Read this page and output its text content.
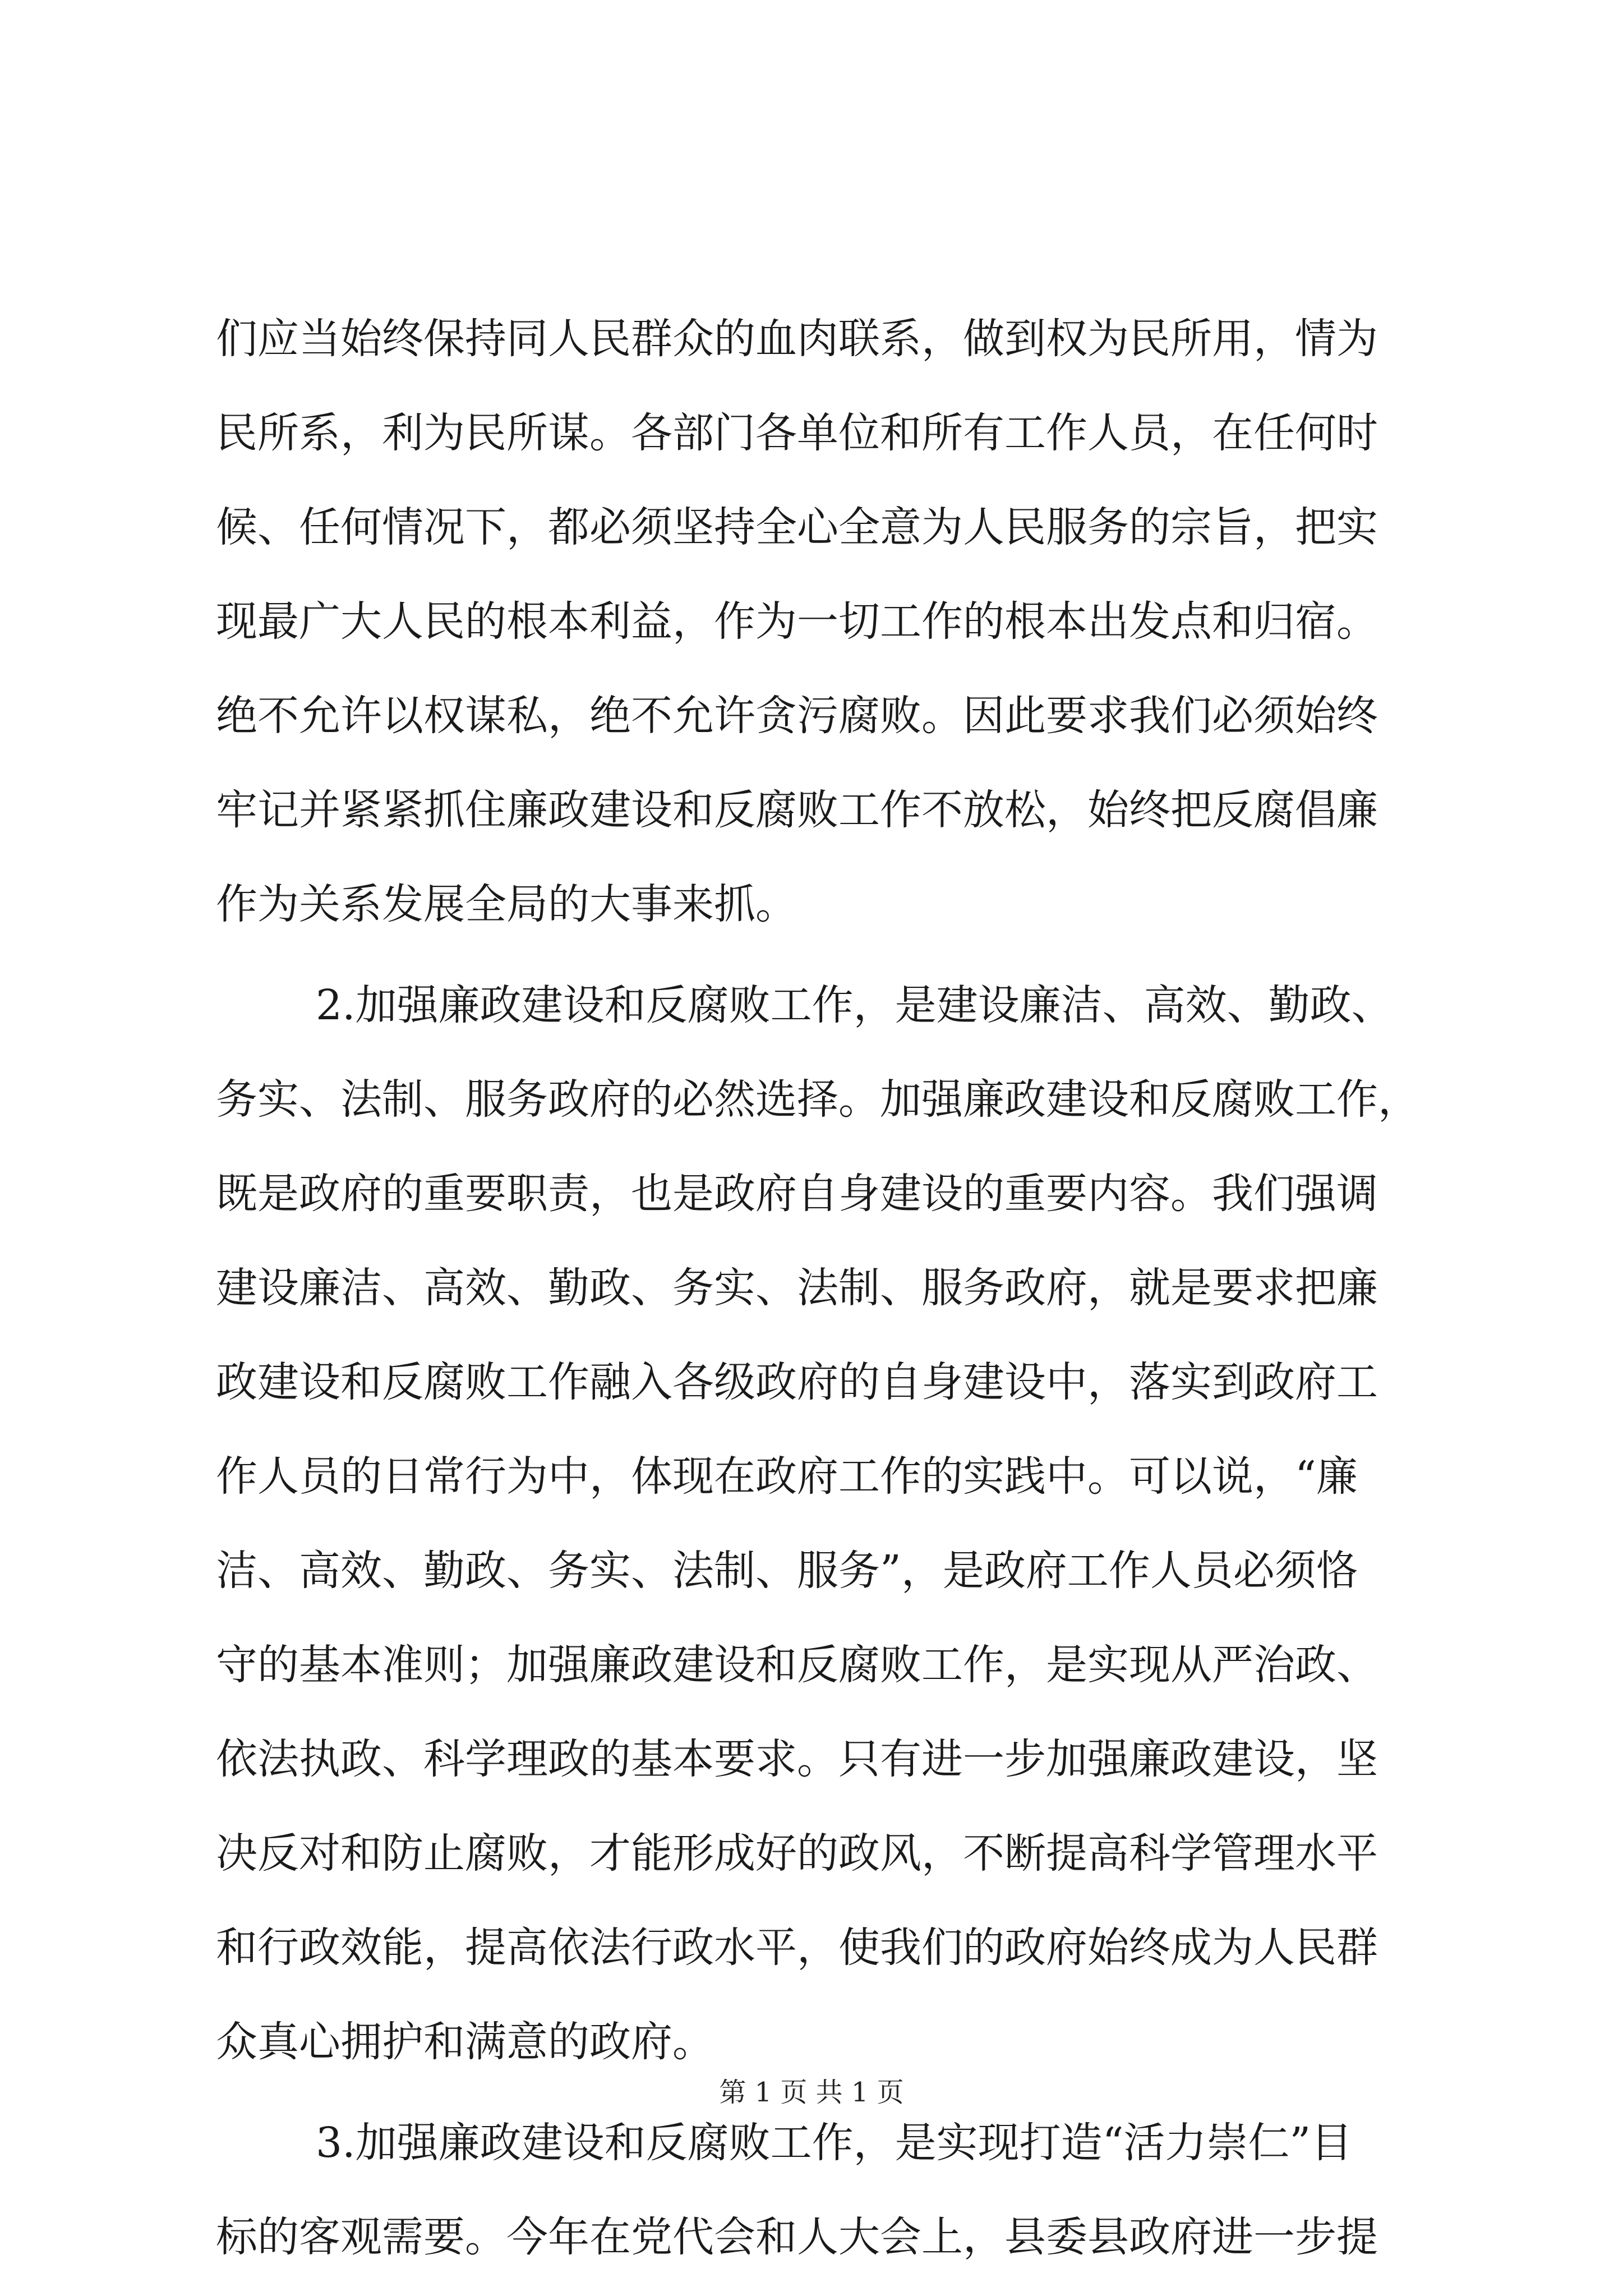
们应当始终保持同人民群众的血肉联系，做到权为民所用，情为
民所系，利为民所谋。各部门各单位和所有工作人员，在任何时
候、任何情况下，都必须坚持全心全意为人民服务的宗旨，把实
现最广大人民的根本利益，作为一切工作的根本出发点和归宿。
绝不允许以权谋私，绝不允许贪污腐败。因此要求我们必须始终
牢记并紧紧抓住廉政建设和反腐败工作不放松，始终把反腐倡廉
作为关系发展全局的大事来抓。
2.加强廉政建设和反腐败工作，是建设廉洁、高效、勤政、
务实、法制、服务政府的必然选择。加强廉政建设和反腐败工作，
既是政府的重要职责，也是政府自身建设的重要内容。我们强调
建设廉洁、高效、勤政、务实、法制、服务政府，就是要求把廉
政建设和反腐败工作融入各级政府的自身建设中，落实到政府工
作人员的日常行为中，体现在政府工作的实践中。可以说，“廉
洁、高效、勤政、务实、法制、服务”，是政府工作人员必须恪
守的基本准则；加强廉政建设和反腐败工作，是实现从严治政、
依法执政、科学理政的基本要求。只有进一步加强廉政建设，坚
决反对和防止腐败，才能形成好的政风，不断提高科学管理水平
和行政效能，提高依法行政水平，使我们的政府始终成为人民群
众真心拥护和满意的政府。
3.加强廉政建设和反腐败工作，是实现打造“活力崇仁”目
标的客观需要。今年在党代会和人大会上，县委县政府进一步提
第 1 页 共 1 页
